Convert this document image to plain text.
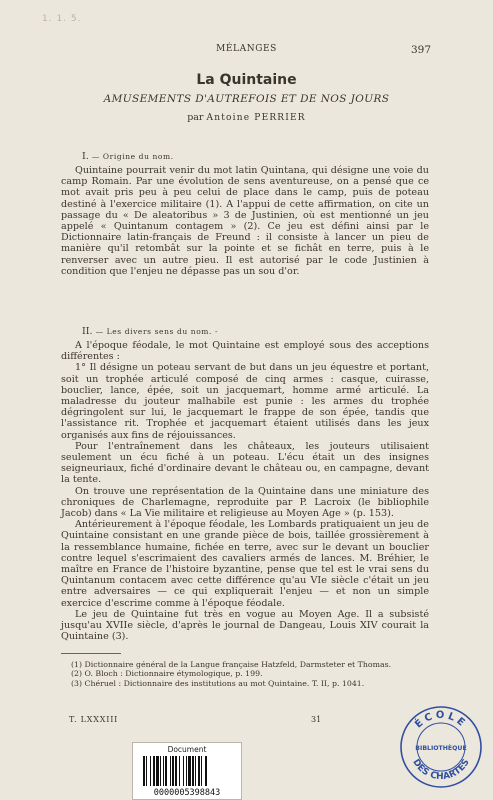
1. 1. 5.
MÉLANGES	397
La Quintaine
AMUSEMENTS D'AUTREFOIS ET DE NOS JOURS
par Antoine PERRIER
I. — Origine du nom.

Quintaine pourrait venir du mot latin Quintana, qui désigne une voie du camp Romain. Par une évolution de sens aventureuse, on a pensé que ce mot avait pris peu à peu celui de place dans le camp, puis de poteau destiné à l'exercice militaire (1). A l'appui de cette affirmation, on cite un passage du « De aleatoribus » 3 de Justinien, où est mentionné un jeu appelé « Quintanum contagem » (2). Ce jeu est défini ainsi par le Dictionnaire latin-français de Freund : il consiste à lancer un pieu de manière qu'il retombât sur la pointe et se fichât en terre, puis à le renverser avec un autre pieu. Il est autorisé par le code Justinien à condition que l'enjeu ne dépasse pas un sou d'or.

II. — Les divers sens du nom. -

A l'époque féodale, le mot Quintaine est employé sous des acceptions différentes :

1° Il désigne un poteau servant de but dans un jeu équestre et portant, soit un trophée articulé composé de cinq armes : casque, cuirasse, bouclier, lance, épée, soit un jacquemart, homme armé articulé. La maladresse du jouteur malhabile est punie : les armes du trophée dégringolent sur lui, le jacquemart le frappe de son épée, tandis que l'assistance rit. Trophée et jacquemart étaient utilisés dans les jeux organisés aux fins de réjouissances.

Pour l'entraînement dans les châteaux, les jouteurs utilisaient seulement un écu fiché à un poteau. L'écu était un des insignes seigneuriaux, fiché d'ordinaire devant le château ou, en campagne, devant la tente.

On trouve une représentation de la Quintaine dans une miniature des chroniques de Charlemagne, reproduite par P. Lacroix (le bibliophile Jacob) dans « La Vie militaire et religieuse au Moyen Age » (p. 153).

Antérieurement à l'époque féodale, les Lombards pratiquaient un jeu de Quintaine consistant en une grande pièce de bois, taillée grossièrement à la ressemblance humaine, fichée en terre, avec sur le devant un bouclier contre lequel s'escrimaient des cavaliers armés de lances. M. Bréhier, le maître en France de l'histoire byzantine, pense que tel est le vrai sens du Quintanum contacem avec cette différence qu'au VIe siècle c'était un jeu entre adversaires — ce qui expliquerait l'enjeu — et non un simple exercice d'escrime comme à l'époque féodale.

Le jeu de Quintaine fut très en vogue au Moyen Age. Il a subsisté jusqu'au XVIIe siècle, d'après le journal de Dangeau, Louis XIV courait la Quintaine (3).

(1) Dictionnaire général de la Langue française Hatzfeld, Darmsteter et Thomas.

(2) O. Bloch : Dictionnaire étymologique, p. 199.

(3) Chéruel : Dictionnaire des institutions au mot Quintaine. T. II, p. 1041.

T. LXXXIII	31	ÉCOLE
BIBLIOTHÈQUE
DES CHARTES
Document
0000005398843
